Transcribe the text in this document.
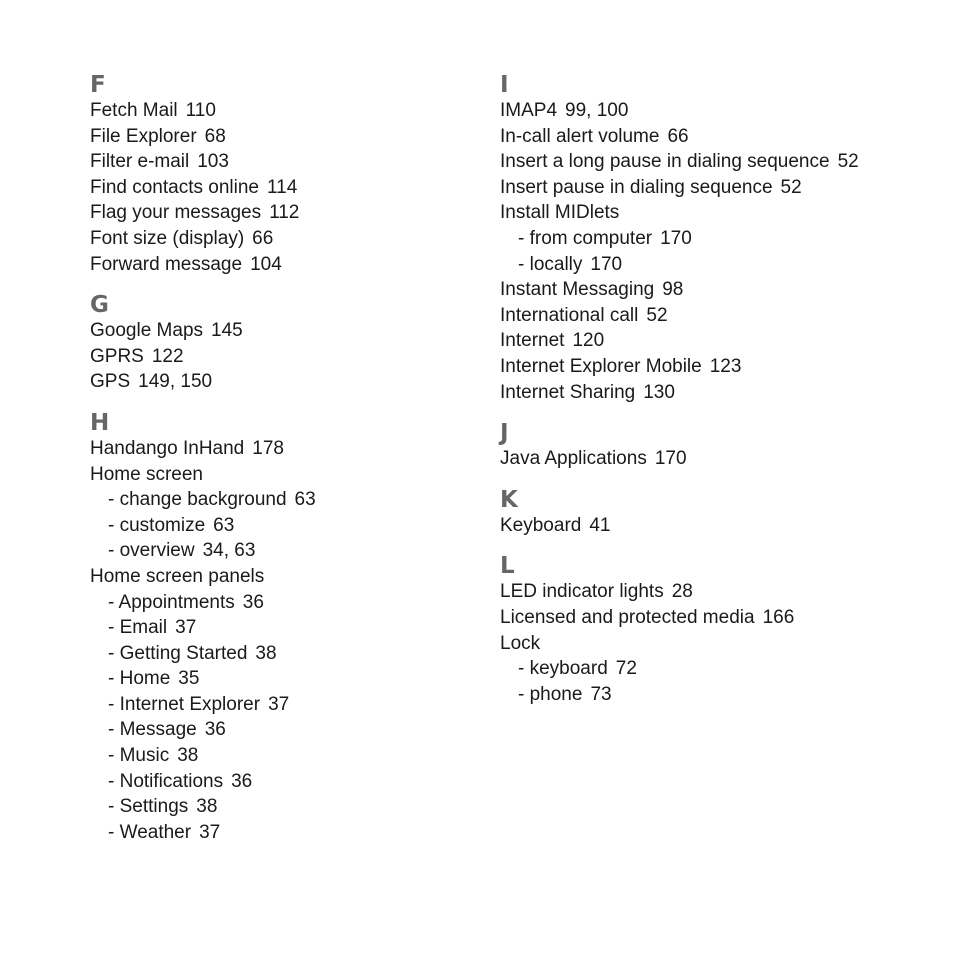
F
Fetch Mail 110
File Explorer 68
Filter e-mail 103
Find contacts online 114
Flag your messages 112
Font size (display) 66
Forward message 104
G
Google Maps 145
GPRS 122
GPS 149, 150
H
Handango InHand 178
Home screen
- change background 63
- customize 63
- overview 34, 63
Home screen panels
- Appointments 36
- Email 37
- Getting Started 38
- Home 35
- Internet Explorer 37
- Message 36
- Music 38
- Notifications 36
- Settings 38
- Weather 37
I
IMAP4 99, 100
In-call alert volume 66
Insert a long pause in dialing sequence 52
Insert pause in dialing sequence 52
Install MIDlets
- from computer 170
- locally 170
Instant Messaging 98
International call 52
Internet 120
Internet Explorer Mobile 123
Internet Sharing 130
J
Java Applications 170
K
Keyboard 41
L
LED indicator lights 28
Licensed and protected media 166
Lock
- keyboard 72
- phone 73
